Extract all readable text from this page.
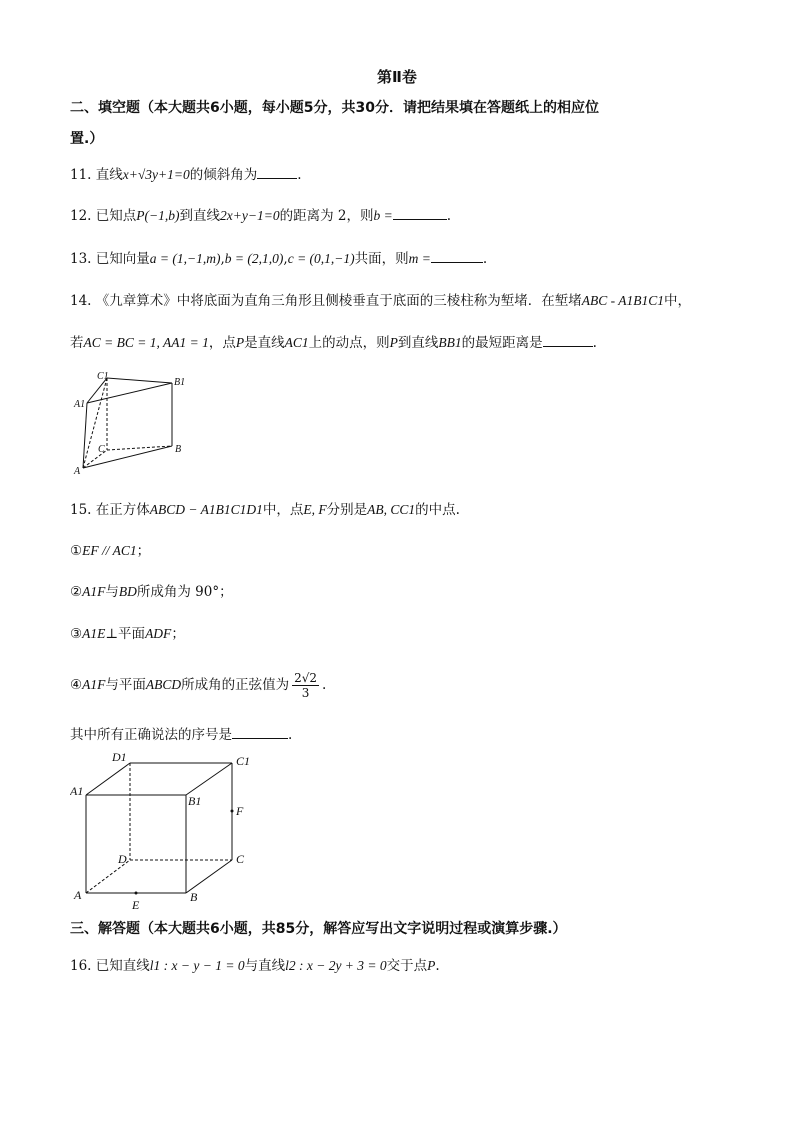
第Ⅱ卷
二、填空题（本大题共6小题，每小题5分，共30分．请把结果填在答题纸上的相应位
置.）
11. 直线x+√3y+1=0的倾斜角为	.
12. 已知点P(−1,b)到直线2x+y−1=0的距离为 2，则b =	.
13. 已知向量a = (1,−1,m),b = (2,1,0),c = (0,1,−1)共面，则m =	.
14. 《九章算术》中将底面为直角三角形且侧棱垂直于底面的三棱柱称为堑堵．在堑堵ABC - A1B1C1中，
若AC = BC = 1, AA1 = 1，点P是直线AC1上的动点，则P到直线BB1的最短距离是	.
C1
B1
A1
C	B
A
15. 在正方体ABCD − A1B1C1D1中，点E, F分别是AB, CC1的中点.
①EF // AC1；
②A1F与BD所成角为 90°；
③A1E⊥平面ADF；
④A1F与平面ABCD所成角的正弦值为 $\frac{2√2}{3}$ .
其中所有正确说法的序号是	.
D1	C1
A1
B1
F
D	C
A
E
B
三、解答题（本大题共6小题，共85分，解答应写出文字说明过程或演算步骤.）
16. 已知直线l1 : x − y − 1 = 0与直线l2 : x − 2y + 3 = 0交于点P.
